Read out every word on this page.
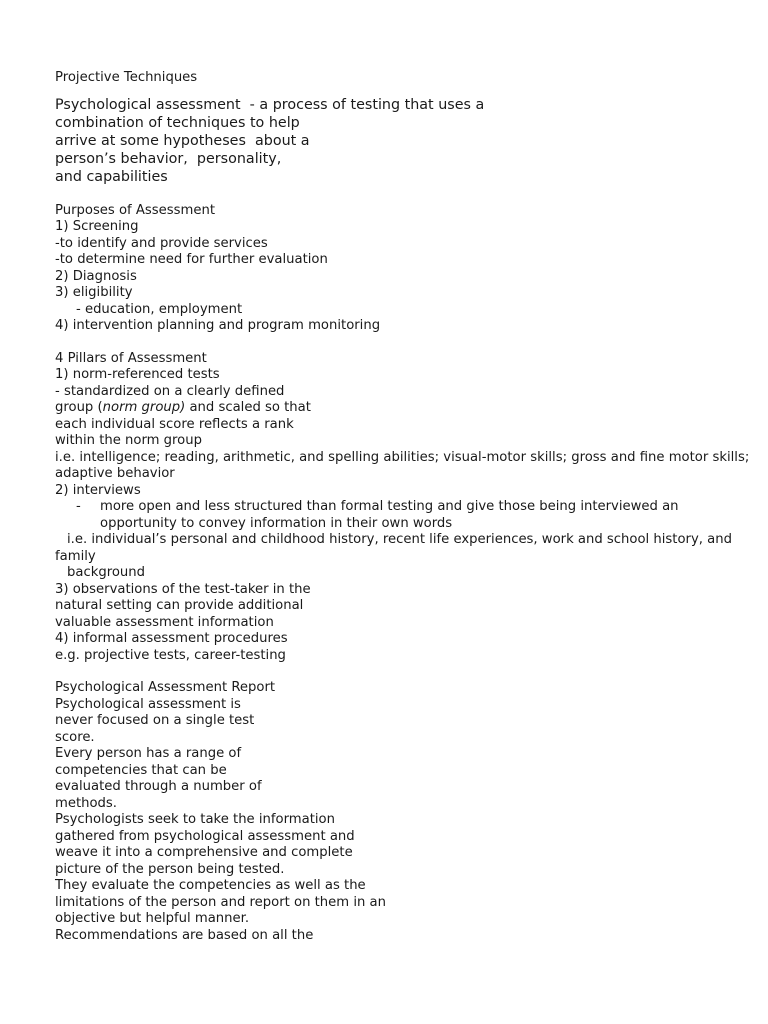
Projective Techniques
Psychological assessment  - a process of testing that uses a
combination of techniques to help
arrive at some hypotheses  about a
person’s behavior,  personality,
and capabilities
Purposes of Assessment
1) Screening
-to identify and provide services
-to determine need for further evaluation
2) Diagnosis
3) eligibility
- education, employment
4) intervention planning and program monitoring
4 Pillars of Assessment
1) norm-referenced tests
- standardized on a clearly defined
group (norm group) and scaled so that
each individual score reflects a rank
within the norm group
i.e. intelligence; reading, arithmetic, and spelling abilities; visual-motor skills; gross and fine motor skills; adaptive behavior
2) interviews
- more open and less structured than formal testing and give those being interviewed an opportunity to convey information in their own words
i.e. individual’s personal and childhood history, recent life experiences, work and school history, and family
background
3) observations of the test-taker in the
natural setting can provide additional
valuable assessment information
4) informal assessment procedures
e.g. projective tests, career-testing
Psychological Assessment Report
Psychological assessment is
never focused on a single test
score.
Every person has a range of
competencies that can be
evaluated through a number of
methods.
Psychologists seek to take the information
gathered from psychological assessment and
weave it into a comprehensive and complete
picture of the person being tested.
They evaluate the competencies as well as the
limitations of the person and report on them in an
objective but helpful manner.
Recommendations are based on all the
